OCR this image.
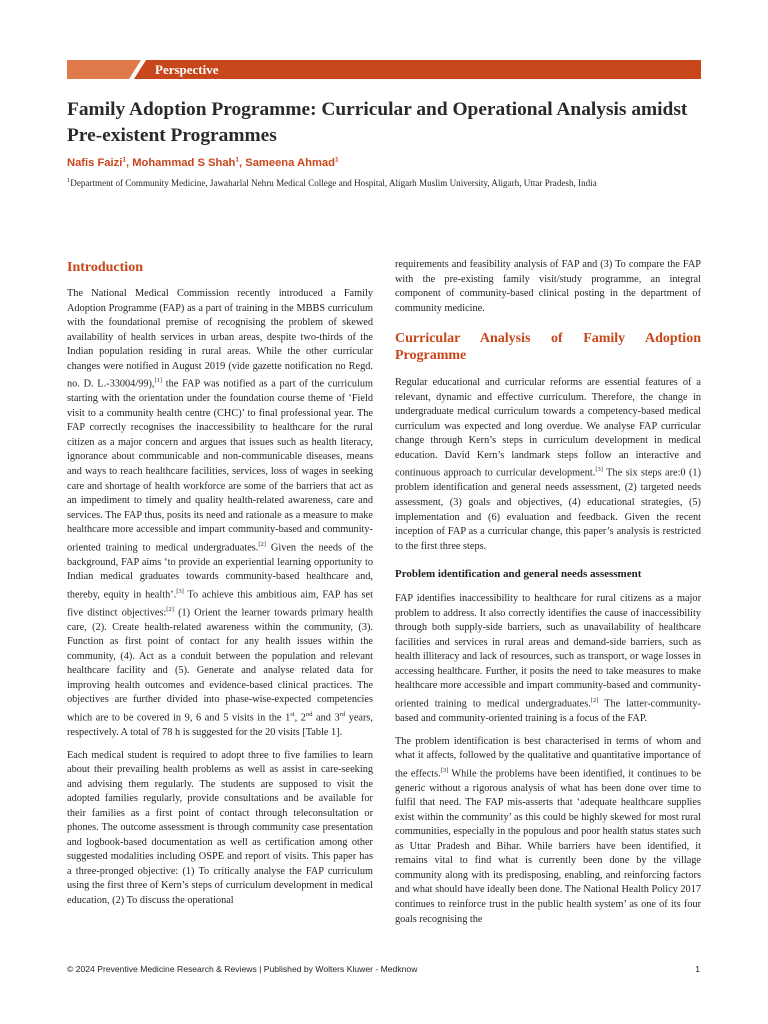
Perspective
Family Adoption Programme: Curricular and Operational Analysis amidst Pre-existent Programmes
Nafis Faizi$^1$, Mohammad S Shah$^1$, Sameena Ahmad$^1$
$^1$Department of Community Medicine, Jawaharlal Nehru Medical College and Hospital, Aligarh Muslim University, Aligarh, Uttar Pradesh, India
Introduction

The National Medical Commission recently introduced a Family Adoption Programme (FAP) as a part of training in the MBBS curriculum with the foundational premise of recognising the problem of skewed availability of health services in urban areas, despite two-thirds of the Indian population residing in rural areas. While the other curricular changes were notified in August 2019 (vide gazette notification no Regd. no. D. L.-33004/99),[1] the FAP was notified as a part of the curriculum starting with the orientation under the foundation course theme of ‘Field visit to a community health centre (CHC)’ to final professional year. The FAP correctly recognises the inaccessibility to healthcare for the rural citizen as a major concern and argues that issues such as health literacy, ignorance about communicable and non-communicable diseases, means and ways to reach healthcare facilities, services, loss of wages in seeking care and shortage of health workforce are some of the barriers that act as an impediment to timely and quality health-related awareness, care and services. The FAP thus, posits its need and rationale as a measure to make healthcare more accessible and impart community-based and community-oriented training to medical undergraduates.[2] Given the needs of the background, FAP aims ‘to provide an experiential learning opportunity to Indian medical graduates towards community-based healthcare and, thereby, equity in health’.[3] To achieve this ambitious aim, FAP has set five distinct objectives:[2] (1) Orient the learner towards primary health care, (2). Create health-related awareness within the community, (3). Function as first point of contact for any health issues within the community, (4). Act as a conduit between the population and relevant healthcare facility and (5). Generate and analyse related data for improving health outcomes and evidence-based clinical practices. The objectives are further divided into phase-wise-expected competencies which are to be covered in 9, 6 and 5 visits in the 1st, 2nd and 3rd years, respectively. A total of 78 h is suggested for the 20 visits [Table 1].

Each medical student is required to adopt three to five families to learn about their prevailing health problems as well as assist in care-seeking and advising them regularly. The students are supposed to visit the adopted families regularly, provide consultations and be available for their families as a first point of contact through teleconsultation or phones. The outcome assessment is through community case presentation and logbook-based documentation as well as certification among other suggested modalities including OSPE and report of visits. This paper has a three-pronged objective: (1) To critically analyse the FAP curriculum using the first three of Kern’s steps of curriculum development in medical education, (2) To discuss the operational

requirements and feasibility analysis of FAP and (3) To compare the FAP with the pre-existing family visit/study programme, an integral component of community-based clinical posting in the department of community medicine.

Curricular Analysis of Family Adoption Programme

Regular educational and curricular reforms are essential features of a relevant, dynamic and effective curriculum. Therefore, the change in undergraduate medical curriculum towards a competency-based medical curriculum was expected and long overdue. We analyse FAP curricular change through Kern’s steps in curriculum development in medical education. David Kern’s landmark steps follow an interactive and continuous approach to curricular development.[3] The six steps are:0 (1) problem identification and general needs assessment, (2) targeted needs assessment, (3) goals and objectives, (4) educational strategies, (5) implementation and (6) evaluation and feedback. Given the recent inception of FAP as a curricular change, this paper’s analysis is restricted to the first three steps.

Problem identification and general needs assessment

FAP identifies inaccessibility to healthcare for rural citizens as a major problem to address. It also correctly identifies the cause of inaccessibility through both supply-side barriers, such as unavailability of healthcare facilities and services in rural areas and demand-side barriers, such as health illiteracy and lack of resources, such as transport, or wage losses in accessing healthcare. Further, it posits the need to take measures to make healthcare more accessible and impart community-based and community-oriented training to medical undergraduates.[2] The latter-community-based and community-oriented training is a focus of the FAP.

The problem identification is best characterised in terms of whom and what it affects, followed by the qualitative and quantitative importance of the effects.[3] While the problems have been identified, it continues to be generic without a rigorous analysis of what has been done over time to fulfil that need. The FAP mis-asserts that ‘adequate healthcare supplies exist within the community’ as this could be highly skewed for most rural communities, especially in the populous and poor health status states such as Uttar Pradesh and Bihar. While barriers have been identified, it remains vital to find what is currently been done by the village community along with its predisposing, enabling, and reinforcing factors and what should have ideally been done. The National Health Policy 2017 continues to reinforce trust in the public health system’ as one of its four goals recognising the

© 2024 Preventive Medicine Research & Reviews | Published by Wolters Kluwer - Medknow	1
